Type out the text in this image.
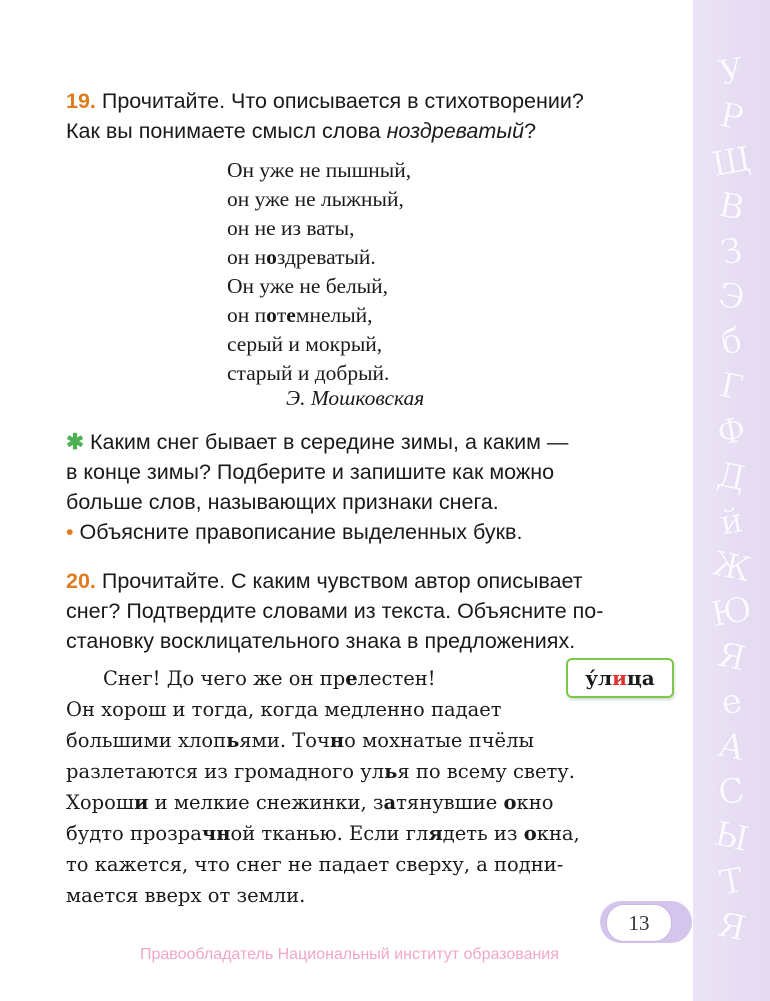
У
Р
Щ
В
З
Э
б
Г
Ф
Д
й
Ж
Ю
Я
е
А
С
Ы
Т
Я

19. Прочитайте. Что описывается в стихотворении?
Как вы понимаете смысл слова ноздреватый?

Он уже не пышный,
он уже не лыжный,
он не из ваты,
он ноздреватый.
Он уже не белый,
он потемнелый,
серый и мокрый,
старый и добрый.
Э. Мошковская

✱ Каким снег бывает в середине зимы, а каким —
в конце зимы? Подберите и запишите как можно
больше слов, называющих признаки снега.
• Объясните правописание выделенных букв.

20. Прочитайте. С каким чувством автор описывает
снег? Подтвердите словами из текста. Объясните по-
становку восклицательного знака в предложениях.

Снег! До чего же он прелестен!
Он хорош и тогда, когда медленно падает
большими хлопьями. Точно мохнатые пчёлы
разлетаются из громадного улья по всему свету.
Хороши и мелкие снежинки, затянувшие окно
будто прозрачной тканью. Если глядеть из окна,
то кажется, что снег не падает сверху, а подни-
мается вверх от земли.
у́лица
13
Правообладатель Национальный институт образования
